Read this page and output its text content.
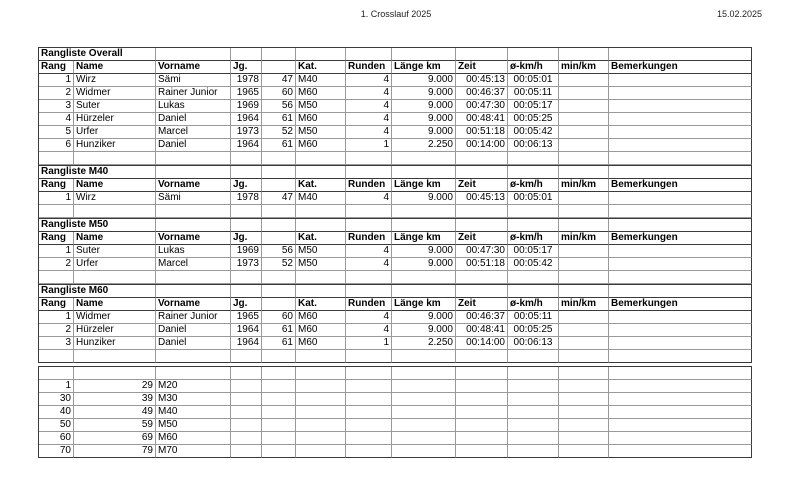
1. Crosslauf 2025	15.02.2025
Rangliste Overall
Rang	Name	Vorname	Jg.	Kat.	Runden Länge km	Zeit	ø-km/h	min/km	Bemerkungen
1 Wirz	Sämi	1978	47 M40	4	9.000	00:45:13 00:05:01
2 Widmer	Rainer Junior	1965	60 M60	4	9.000	00:46:37 00:05:11
3 Suter	Lukas	1969	56 M50	4	9.000	00:47:30 00:05:17
4 Hürzeler	Daniel	1964	61 M60	4	9.000	00:48:41 00:05:25
5 Urfer	Marcel	1973	52 M50	4	9.000	00:51:18 00:05:42
6 Hunziker	Daniel	1964	61 M60	1	2.250	00:14:00 00:06:13
Rangliste M40
Rang	Name	Vorname	Jg.	Kat.	Runden Länge km	Zeit	ø-km/h	min/km	Bemerkungen
1 Wirz	Sämi	1978	47 M40	4	9.000	00:45:13 00:05:01
Rangliste M50
Rang	Name	Vorname	Jg.	Kat.	Runden Länge km	Zeit	ø-km/h	min/km	Bemerkungen
1 Suter	Lukas	1969	56 M50	4	9.000	00:47:30 00:05:17
2 Urfer	Marcel	1973	52 M50	4	9.000	00:51:18 00:05:42
Rangliste M60
Rang	Name	Vorname	Jg.	Kat.	Runden Länge km	Zeit	ø-km/h	min/km	Bemerkungen
1 Widmer	Rainer Junior	1965	60 M60	4	9.000	00:46:37 00:05:11
2 Hürzeler	Daniel	1964	61 M60	4	9.000	00:48:41 00:05:25
3 Hunziker	Daniel	1964	61 M60	1	2.250	00:14:00 00:06:13
1	29 M20
30	39 M30
40	49 M40
50	59 M50
60	69 M60
70	79 M70
